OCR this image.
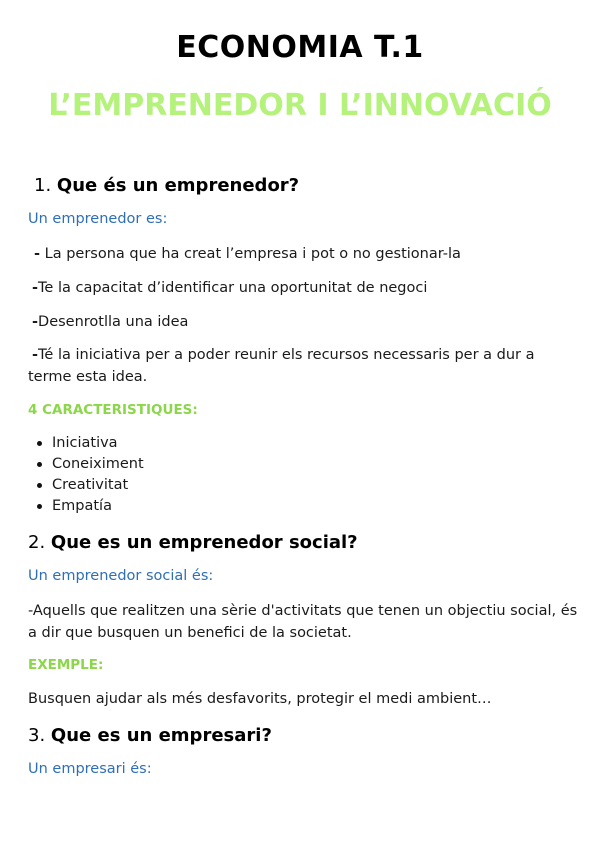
ECONOMIA T.1
L’EMPRENEDOR I L’INNOVACIÓ
1. Que és un emprenedor?
Un emprenedor es:
- La persona que ha creat l’empresa i pot o no gestionar-la
-Te la capacitat d’identificar una oportunitat de negoci
-Desenrotlla una idea
-Té la iniciativa per a poder reunir els recursos necessaris per a dur a terme esta idea.
4 CARACTERISTIQUES:
Iniciativa
Coneiximent
Creativitat
Empatía
2. Que es un emprenedor social?
Un emprenedor social és:
-Aquells que realitzen una sèrie d'activitats que tenen un objectiu social, és a dir que busquen un benefici de la societat.
EXEMPLE:
Busquen ajudar als més desfavorits, protegir el medi ambient…
3. Que es un empresari?
Un empresari és:
